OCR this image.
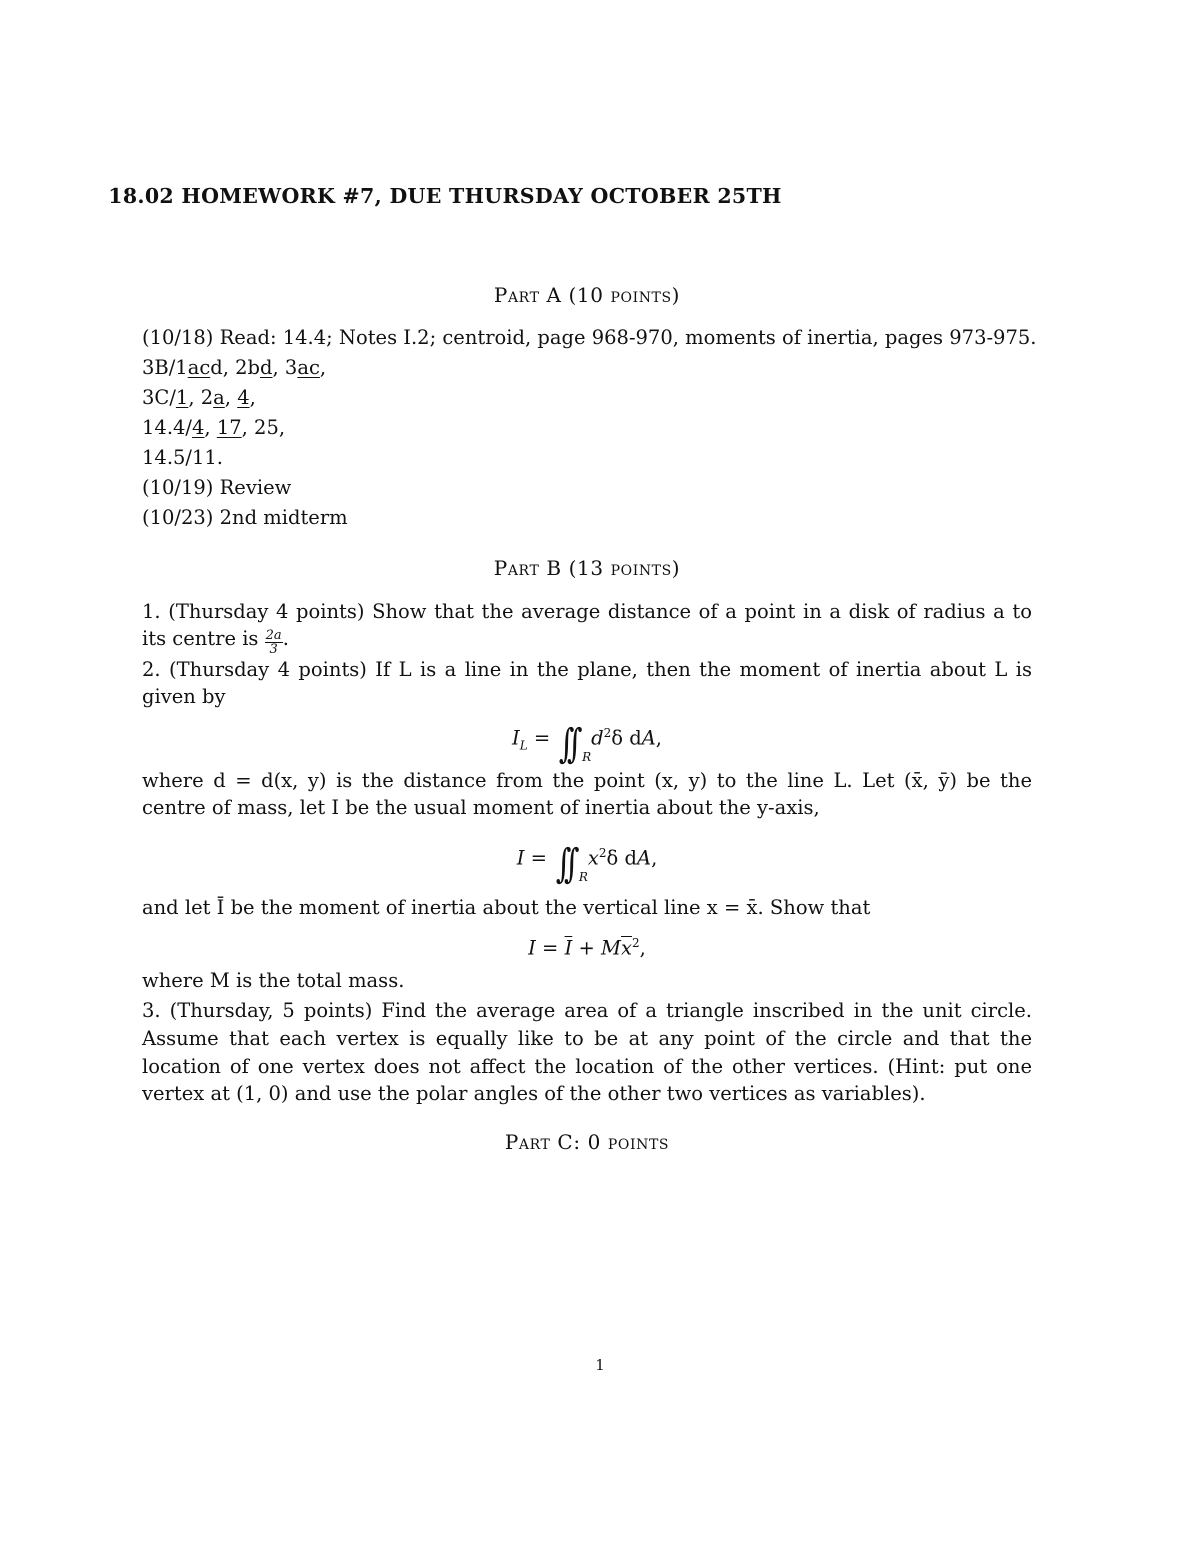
18.02 HOMEWORK #7, DUE THURSDAY OCTOBER 25TH
Part A (10 points)
(10/18) Read: 14.4; Notes I.2; centroid, page 968-970, moments of inertia, pages 973-975.
3B/1acd, 2bd, 3ac,
3C/1, 2a, 4,
14.4/4, 17, 25,
14.5/11.
(10/19) Review
(10/23) 2nd midterm
Part B (13 points)
1. (Thursday 4 points) Show that the average distance of a point in a disk of radius a to
its centre is $\frac{2a}{3}$ .
2. (Thursday 4 points) If L is a line in the plane, then the moment of inertia about L is
given by
$I_L$ = ∫∫ $_Rd^2\delta$ dA,
where d = d(x, y) is the distance from the point (x, y) to the line L. Let (x̄, ȳ) be the
centre of mass, let I be the usual moment of inertia about the y-axis,
I = ∫∫ $_Rx^2\delta$ dA,
and let Ī be the moment of inertia about the vertical line x = x̄. Show that
$I = \overline{I} + M\overline{x}^2$,
where M is the total mass.
3. (Thursday, 5 points) Find the average area of a triangle inscribed in the unit circle.
Assume that each vertex is equally like to be at any point of the circle and that the
location of one vertex does not affect the location of the other vertices. (Hint: put one
vertex at (1, 0) and use the polar angles of the other two vertices as variables).
Part C: 0 points
1
